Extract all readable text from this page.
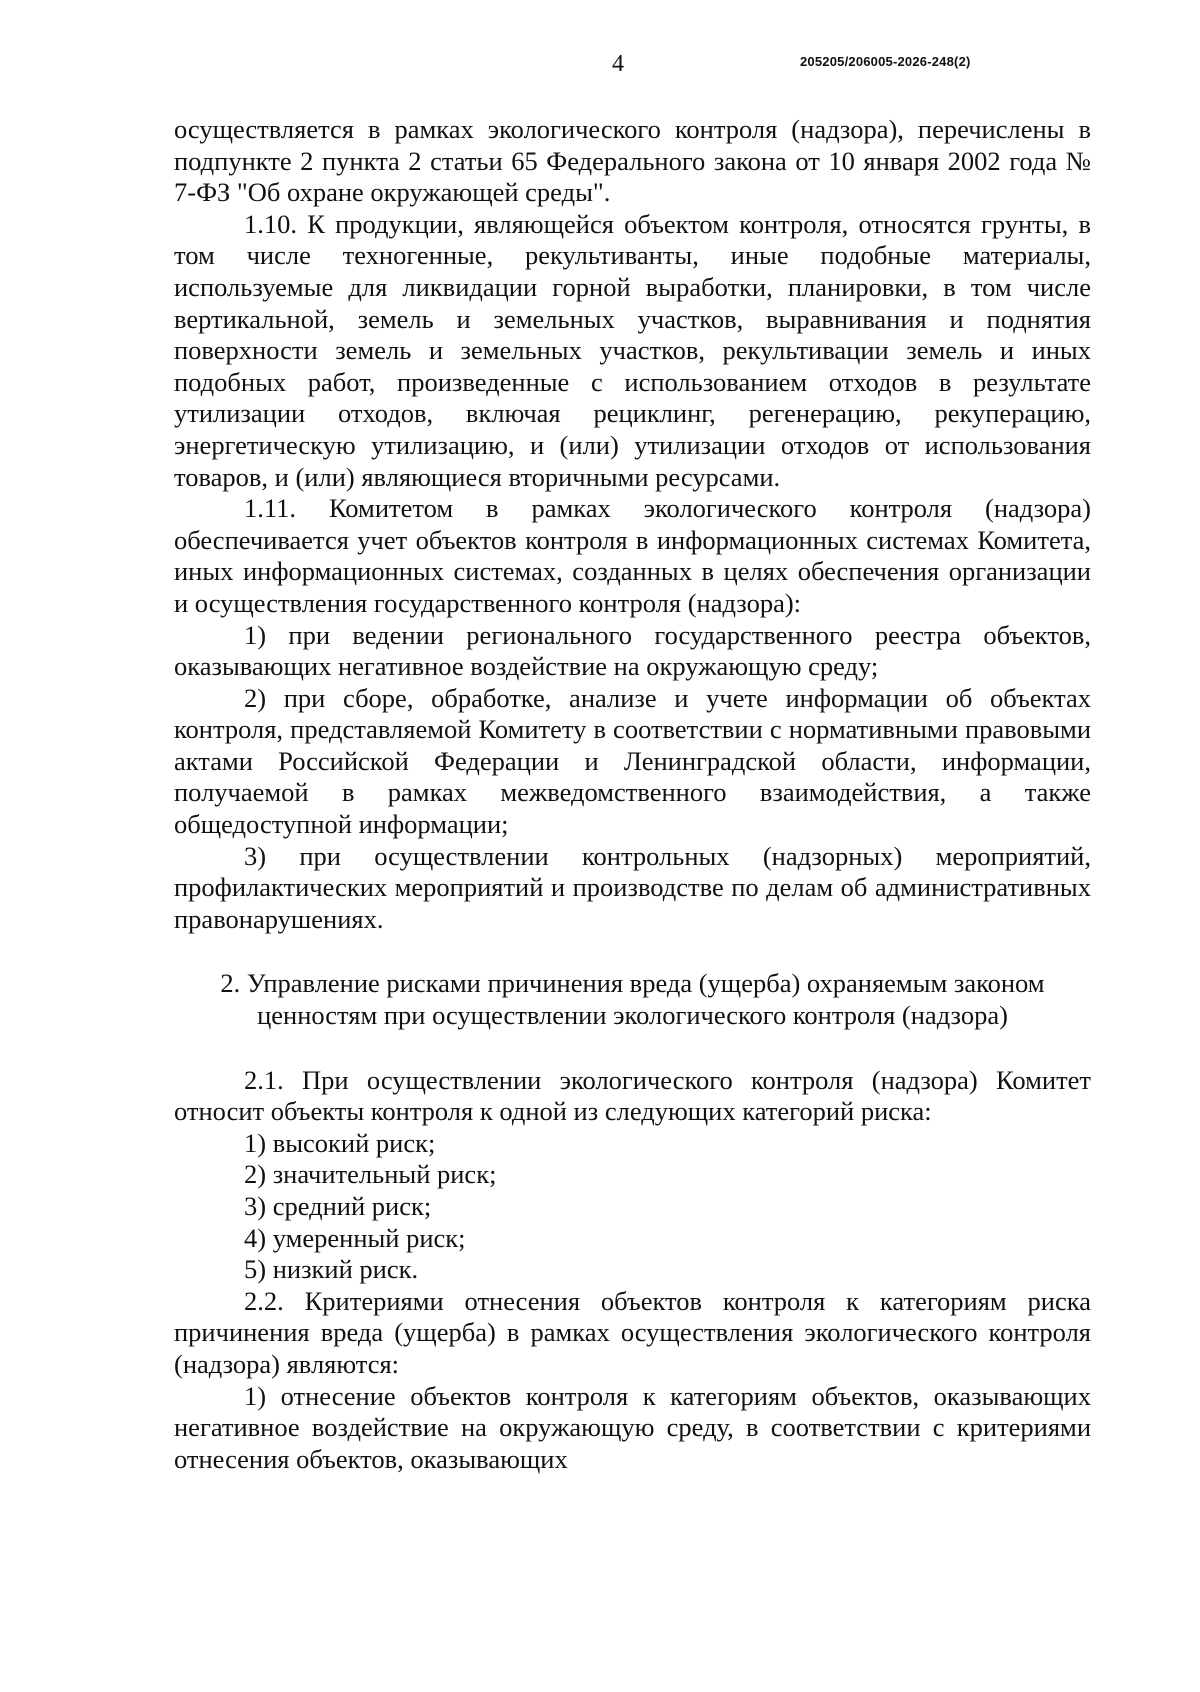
4	205205/206005-2026-248(2)

осуществляется в рамках экологического контроля (надзора), перечислены в подпункте 2 пункта 2 статьи 65 Федерального закона от 10 января 2002 года № 7-ФЗ "Об охране окружающей среды".

1.10. К продукции, являющейся объектом контроля, относятся грунты, в том числе техногенные, рекультиванты, иные подобные материалы, используемые для ликвидации горной выработки, планировки, в том числе вертикальной, земель и земельных участков, выравнивания и поднятия поверхности земель и земельных участков, рекультивации земель и иных подобных работ, произведенные с использованием отходов в результате утилизации отходов, включая рециклинг, регенерацию, рекуперацию, энергетическую утилизацию, и (или) утилизации отходов от использования товаров, и (или) являющиеся вторичными ресурсами.

1.11. Комитетом в рамках экологического контроля (надзора) обеспечивается учет объектов контроля в информационных системах Комитета, иных информационных системах, созданных в целях обеспечения организации и осуществления государственного контроля (надзора):

1) при ведении регионального государственного реестра объектов, оказывающих негативное воздействие на окружающую среду;

2) при сборе, обработке, анализе и учете информации об объектах контроля, представляемой Комитету в соответствии с нормативными правовыми актами Российской Федерации и Ленинградской области, информации, получаемой в рамках межведомственного взаимодействия, а также общедоступной информации;

3) при осуществлении контрольных (надзорных) мероприятий, профилактических мероприятий и производстве по делам об административных правонарушениях.

2. Управление рисками причинения вреда (ущерба) охраняемым законом ценностям при осуществлении экологического контроля (надзора)

2.1. При осуществлении экологического контроля (надзора) Комитет относит объекты контроля к одной из следующих категорий риска:

1) высокий риск;

2) значительный риск;

3) средний риск;

4) умеренный риск;

5) низкий риск.

2.2. Критериями отнесения объектов контроля к категориям риска причинения вреда (ущерба) в рамках осуществления экологического контроля (надзора) являются:

1) отнесение объектов контроля к категориям объектов, оказывающих негативное воздействие на окружающую среду, в соответствии с критериями отнесения объектов, оказывающих
